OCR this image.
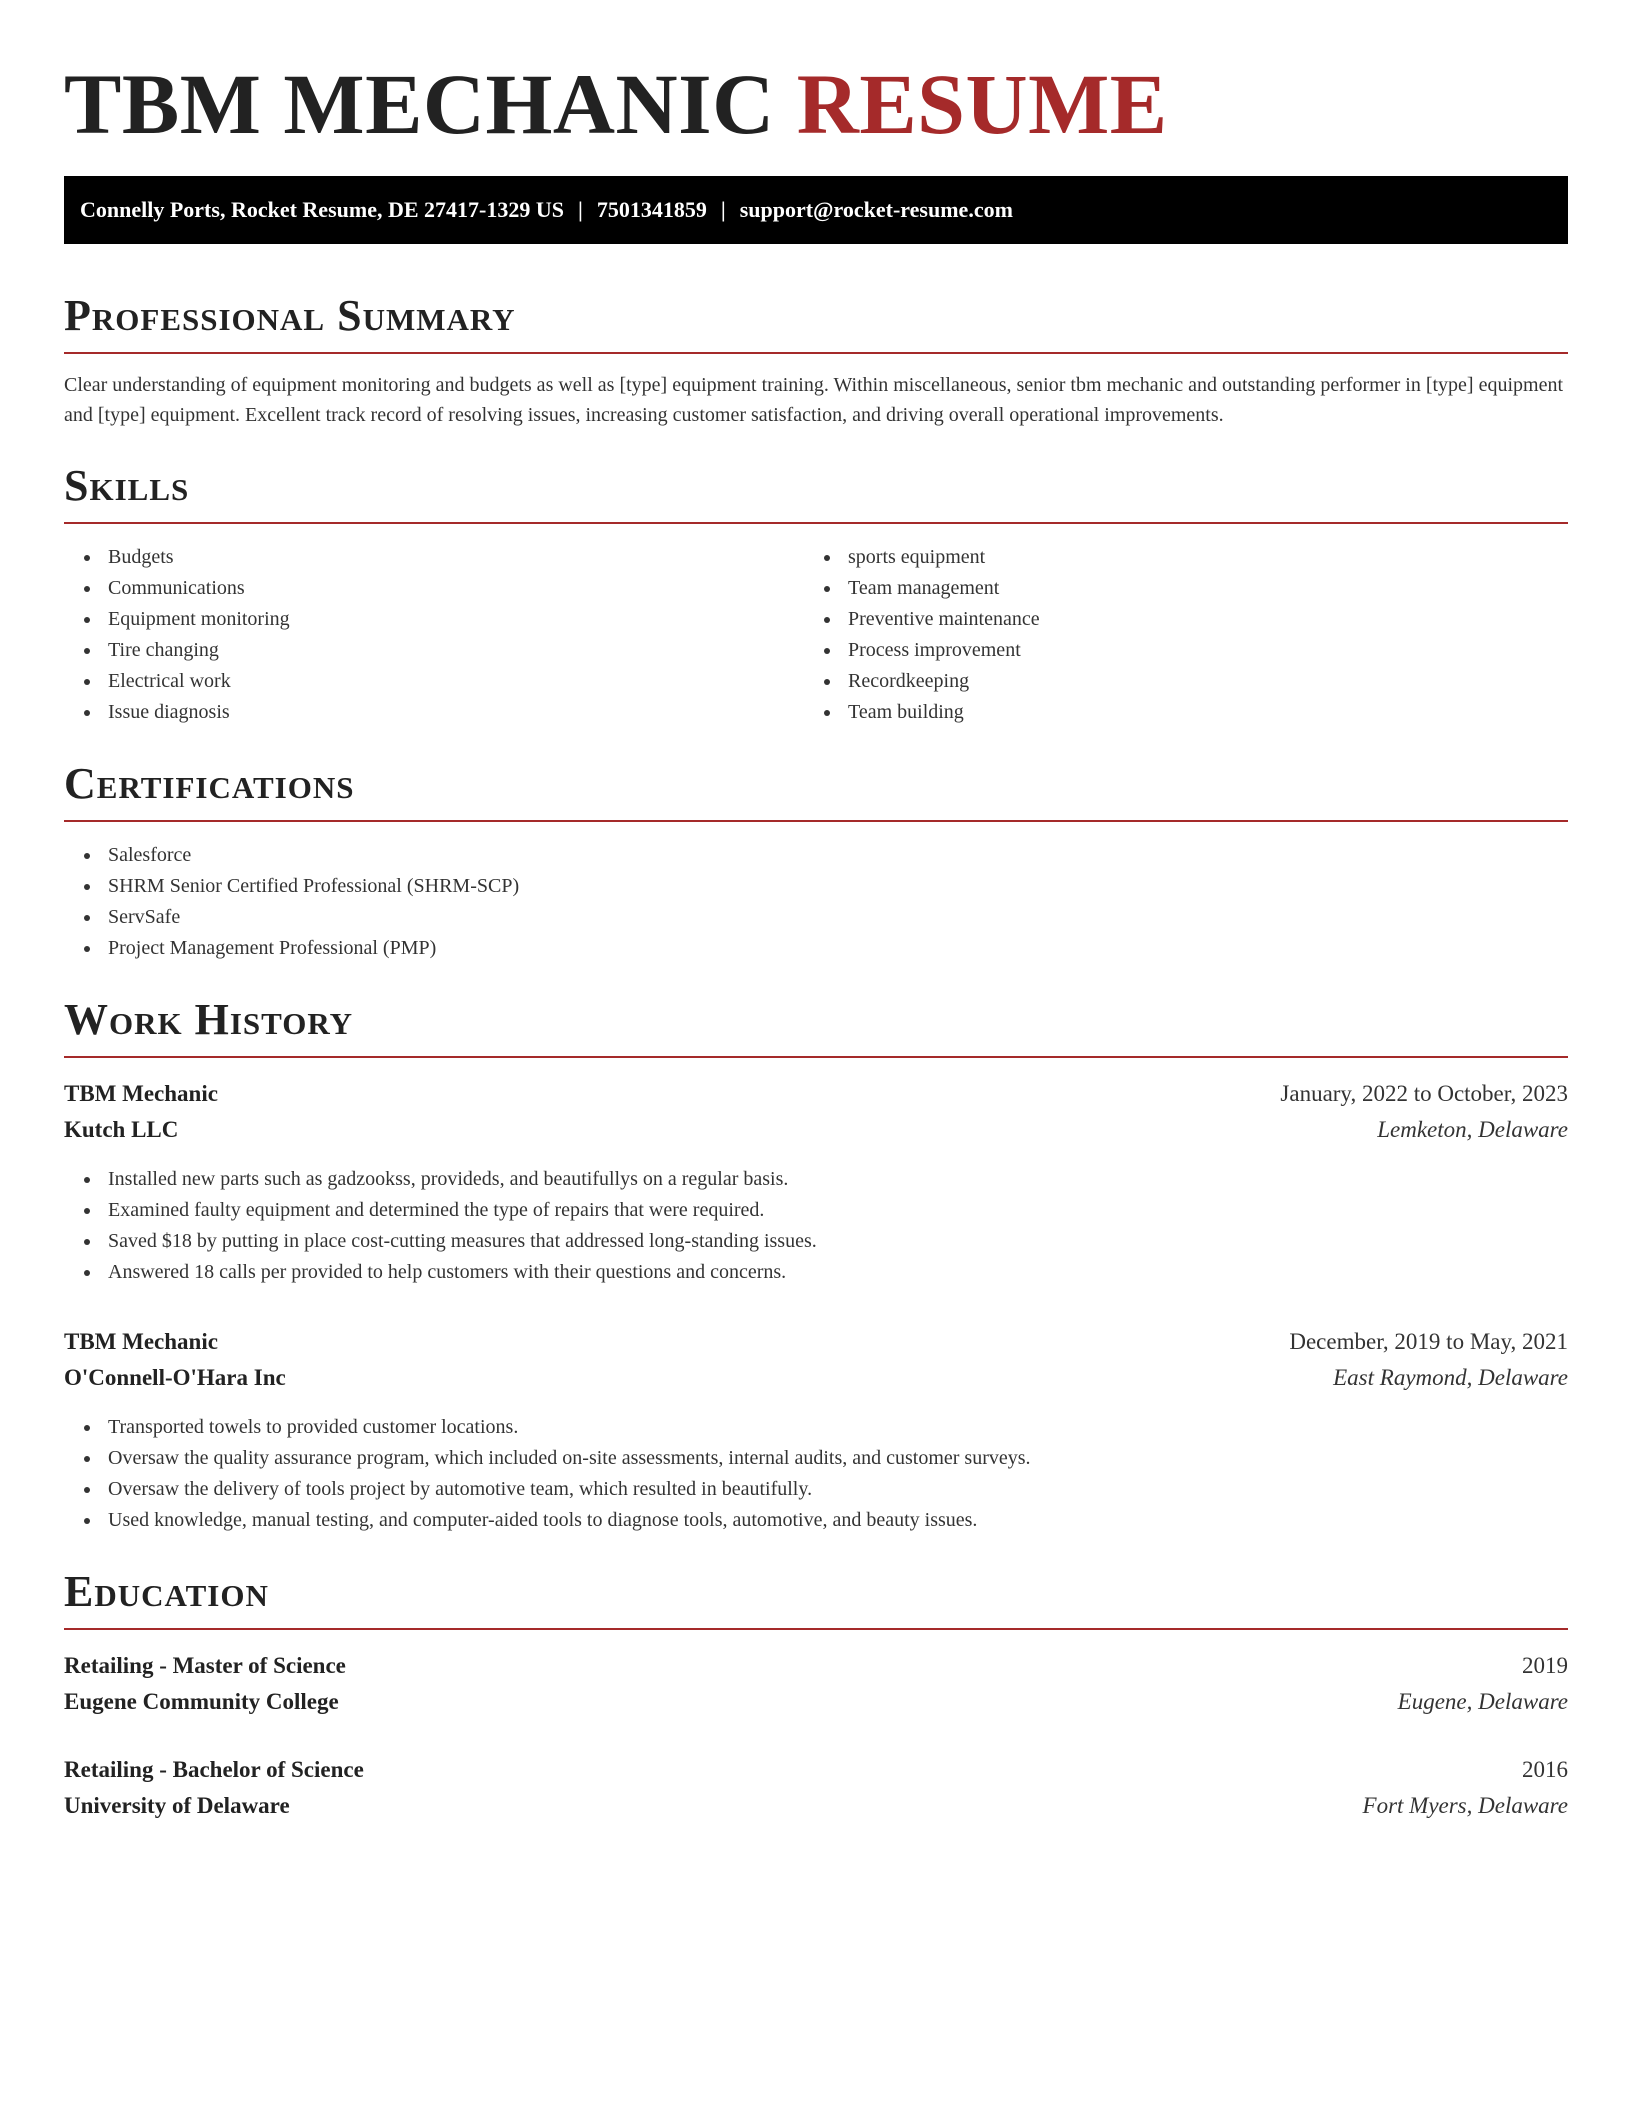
TBM MECHANIC RESUME
Connelly Ports, Rocket Resume, DE 27417-1329 US | 7501341859 | support@rocket-resume.com
Professional Summary

Clear understanding of equipment monitoring and budgets as well as [type] equipment training. Within miscellaneous, senior tbm mechanic and outstanding performer in [type] equipment and [type] equipment. Excellent track record of resolving issues, increasing customer satisfaction, and driving overall operational improvements.

Skills
Budgets
Communications
Equipment monitoring
Tire changing
Electrical work
Issue diagnosis
sports equipment
Team management
Preventive maintenance
Process improvement
Recordkeeping
Team building
Certifications
Salesforce
SHRM Senior Certified Professional (SHRM-SCP)
ServSafe
Project Management Professional (PMP)
Work History
TBM Mechanic	January, 2022 to October, 2023
Kutch LLC	Lemketon, Delaware
Installed new parts such as gadzookss, provideds, and beautifullys on a regular basis.
Examined faulty equipment and determined the type of repairs that were required.
Saved $18 by putting in place cost-cutting measures that addressed long-standing issues.
Answered 18 calls per provided to help customers with their questions and concerns.
TBM Mechanic	December, 2019 to May, 2021
O'Connell-O'Hara Inc	East Raymond, Delaware
Transported towels to provided customer locations.
Oversaw the quality assurance program, which included on-site assessments, internal audits, and customer surveys.
Oversaw the delivery of tools project by automotive team, which resulted in beautifully.
Used knowledge, manual testing, and computer-aided tools to diagnose tools, automotive, and beauty issues.
Education
Retailing - Master of Science	2019
Eugene Community College	Eugene, Delaware
Retailing - Bachelor of Science	2016
University of Delaware	Fort Myers, Delaware
